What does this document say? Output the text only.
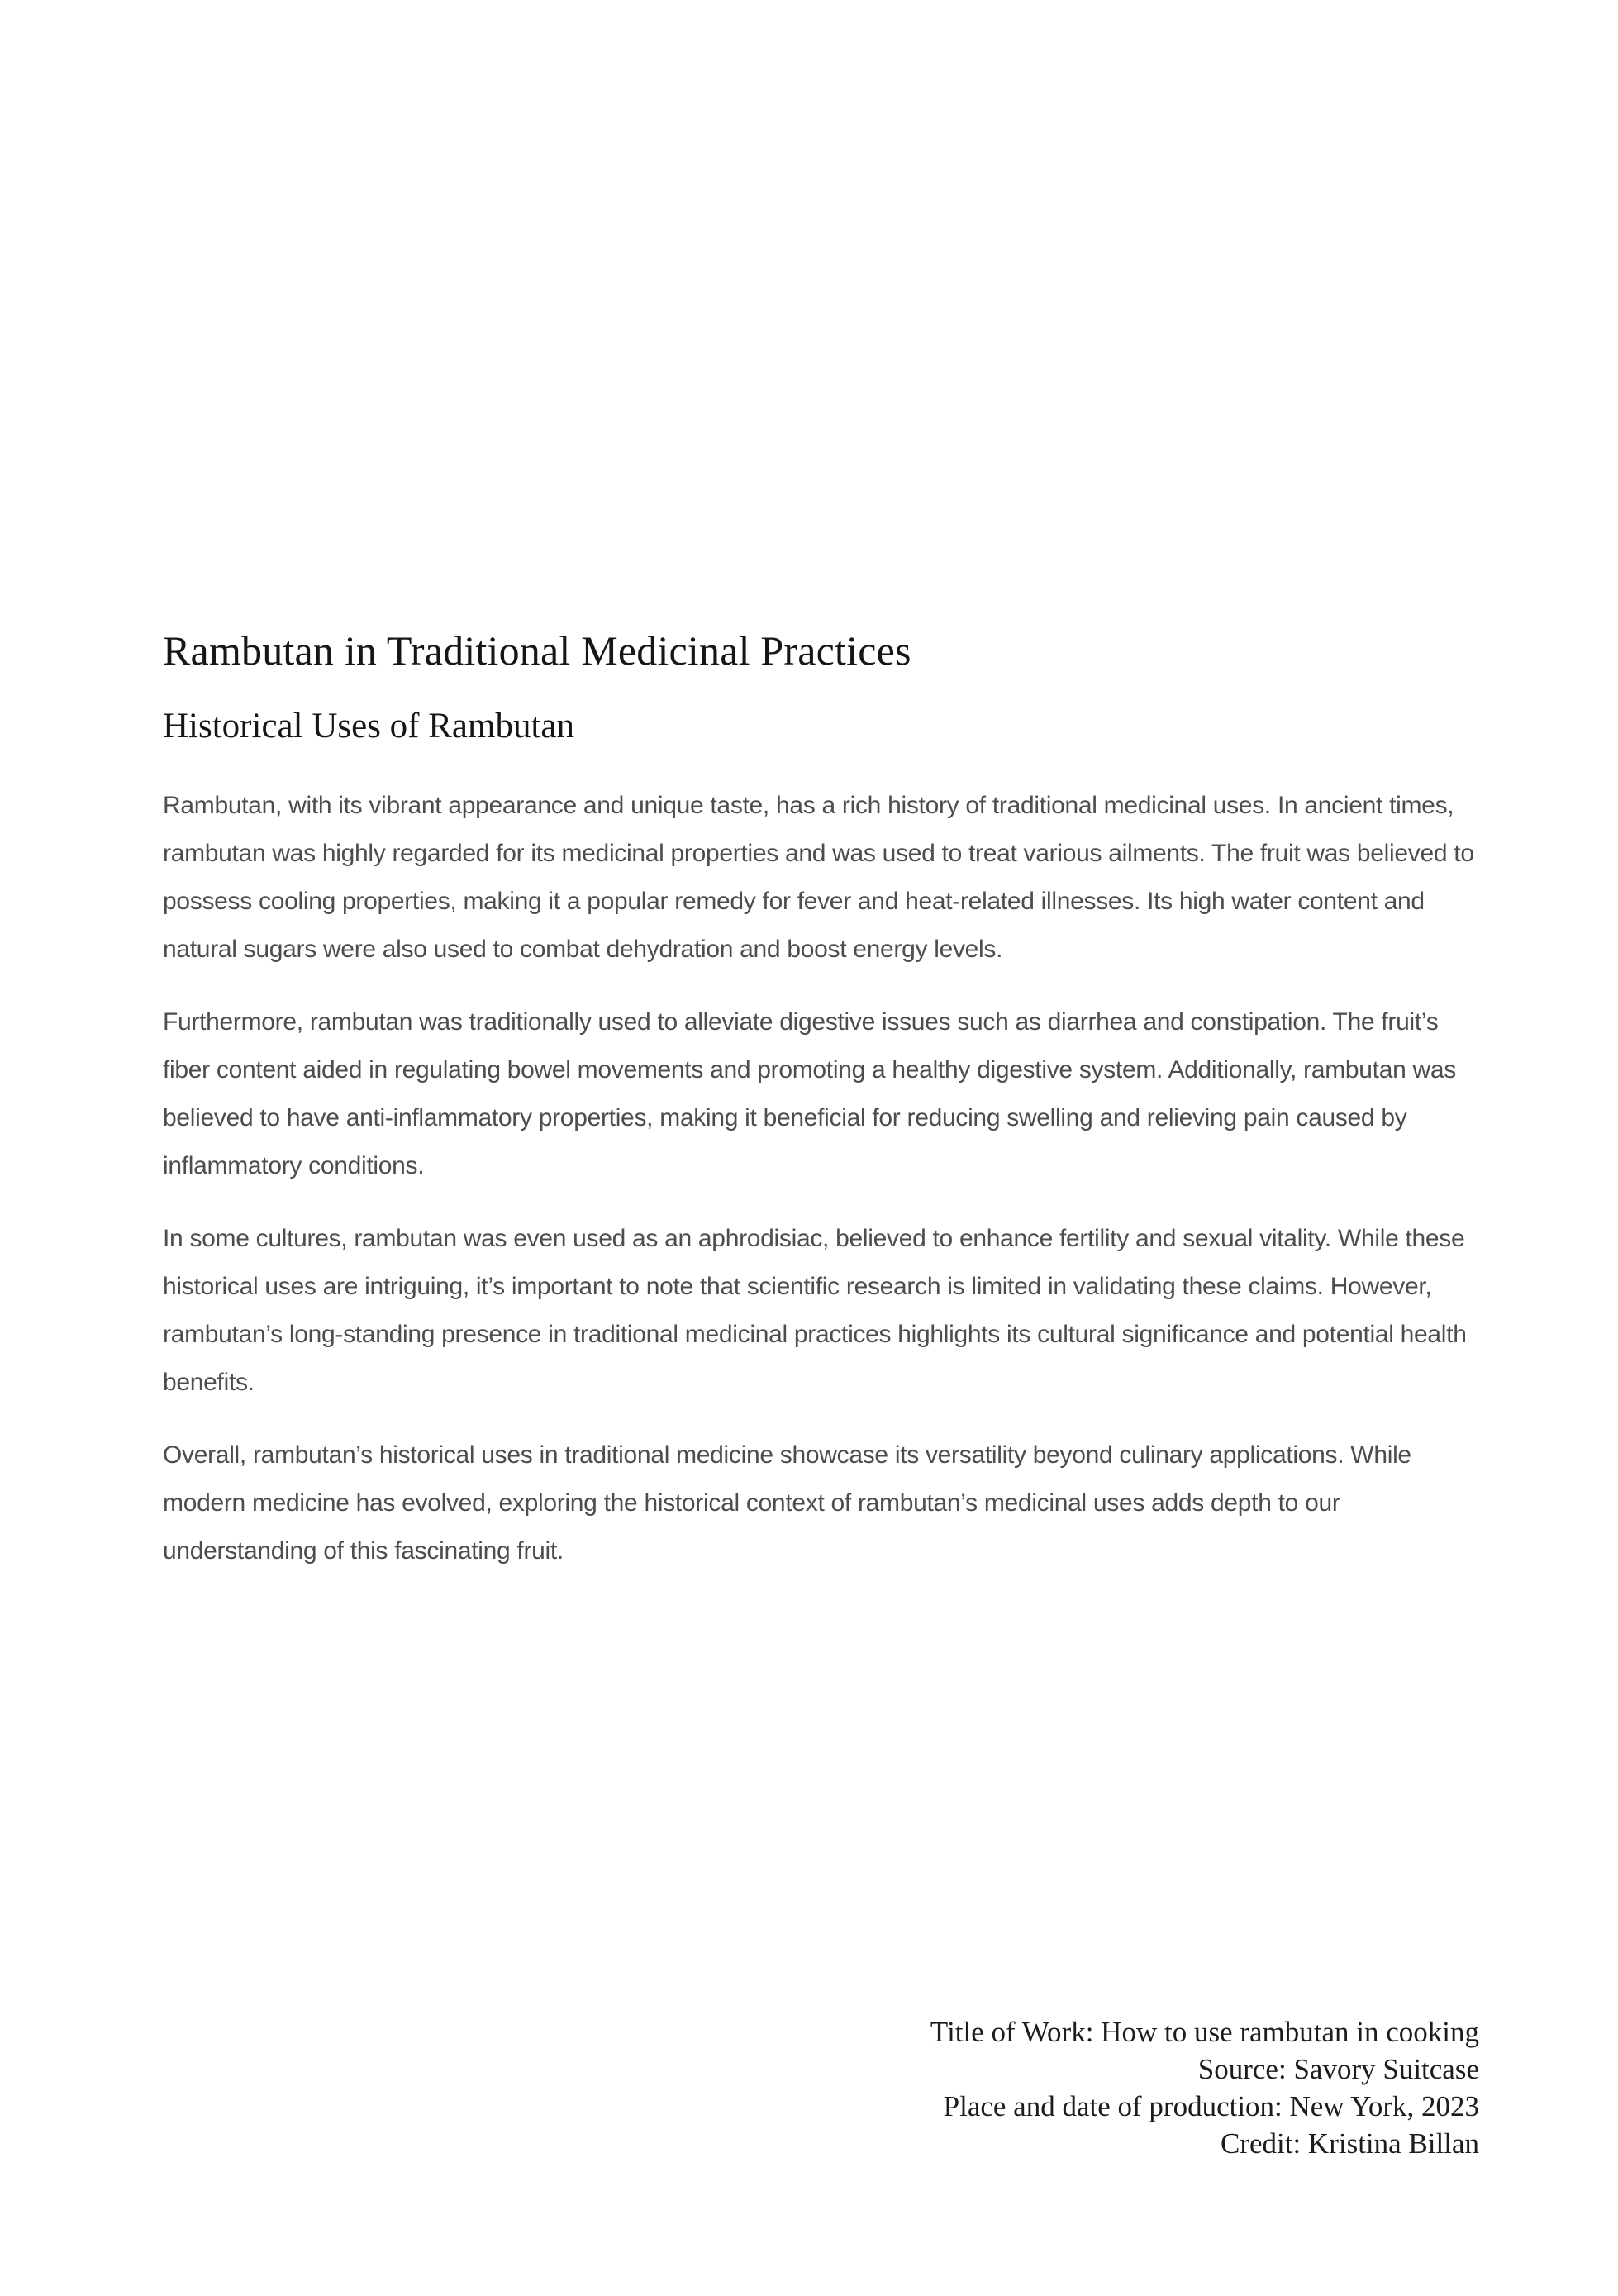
Rambutan in Traditional Medicinal Practices
Historical Uses of Rambutan

Rambutan, with its vibrant appearance and unique taste, has a rich history of traditional medicinal uses. In ancient times, rambutan was highly regarded for its medicinal properties and was used to treat various ailments. The fruit was believed to possess cooling properties, making it a popular remedy for fever and heat-related illnesses. Its high water content and natural sugars were also used to combat dehydration and boost energy levels.

Furthermore, rambutan was traditionally used to alleviate digestive issues such as diarrhea and constipation. The fruit’s fiber content aided in regulating bowel movements and promoting a healthy digestive system. Additionally, rambutan was believed to have anti-inflammatory properties, making it beneficial for reducing swelling and relieving pain caused by inflammatory conditions.

In some cultures, rambutan was even used as an aphrodisiac, believed to enhance fertility and sexual vitality. While these historical uses are intriguing, it’s important to note that scientific research is limited in validating these claims. However, rambutan’s long-standing presence in traditional medicinal practices highlights its cultural significance and potential health benefits.

Overall, rambutan’s historical uses in traditional medicine showcase its versatility beyond culinary applications. While modern medicine has evolved, exploring the historical context of rambutan’s medicinal uses adds depth to our understanding of this fascinating fruit.

Title of Work: How to use rambutan in cooking
Source: Savory Suitcase
Place and date of production: New York, 2023
Credit: Kristina Billan
